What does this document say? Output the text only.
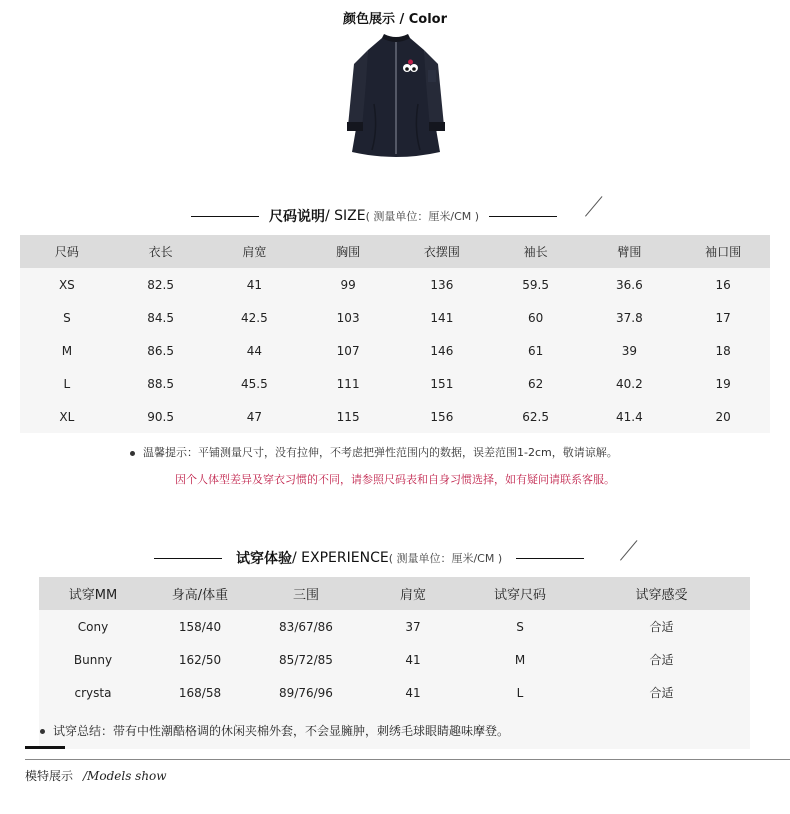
颜色展示 / Color
尺码说明 / SIZE ( 测量单位：厘米/CM )
尺码	衣长	肩宽	胸围	衣摆围	袖长	臂围	袖口围
XS	82.5	41	99	136	59.5	36.6	16
S	84.5	42.5	103	141	60	37.8	17
M	86.5	44	107	146	61	39	18
L	88.5	45.5	111	151	62	40.2	19
XL	90.5	47	115	156	62.5	41.4	20
温馨提示：平铺测量尺寸，没有拉伸，不考虑把弹性范围内的数据，误差范围1-2cm，敬请谅解。
因个人体型差异及穿衣习惯的不同，请参照尺码表和自身习惯选择，如有疑问请联系客服。
试穿体验 / EXPERIENCE ( 测量单位：厘米/CM )
试穿MM	身高/体重	三围	肩宽	试穿尺码	试穿感受
Cony	158/40	83/67/86	37	S	合适
Bunny	162/50	85/72/85	41	M	合适
crysta	168/58	89/76/96	41	L	合适
试穿总结：带有中性潮酷格调的休闲夹棉外套，不会显臃肿，刺绣毛球眼睛趣味摩登。
模特展示 /Models show
